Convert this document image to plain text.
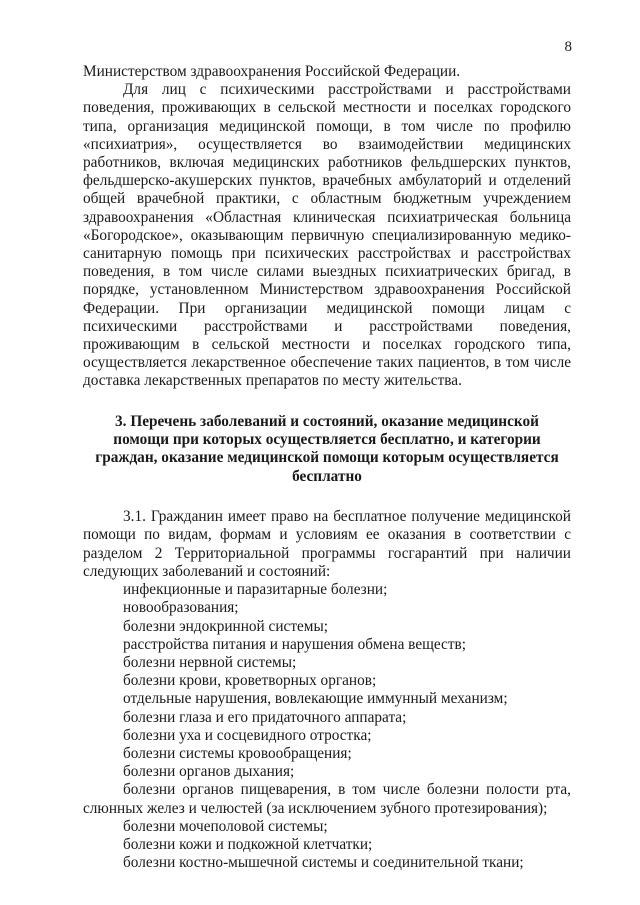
8

Министерством здравоохранения Российской Федерации.

Для лиц с психическими расстройствами и расстройствами поведения, проживающих в сельской местности и поселках городского типа, организация медицинской помощи, в том числе по профилю «психиатрия», осуществляется во взаимодействии медицинских работников, включая медицинских работников фельдшерских пунктов, фельдшерско-акушерских пунктов, врачебных амбулаторий и отделений общей врачебной практики, с областным бюджетным учреждением здравоохранения «Областная клиническая психиатрическая больница «Богородское», оказывающим первичную специализированную медико-санитарную помощь при психических расстройствах и расстройствах поведения, в том числе силами выездных психиатрических бригад, в порядке, установленном Министерством здравоохранения Российской Федерации. При организации медицинской помощи лицам с психическими расстройствами и расстройствами поведения, проживающим в сельской местности и поселках городского типа, осуществляется лекарственное обеспечение таких пациентов, в том числе доставка лекарственных препаратов по месту жительства.

3. Перечень заболеваний и состояний, оказание медицинской помощи при которых осуществляется бесплатно, и категории граждан, оказание медицинской помощи которым осуществляется бесплатно

3.1. Гражданин имеет право на бесплатное получение медицинской помощи по видам, формам и условиям ее оказания в соответствии с разделом 2 Территориальной программы госгарантий при наличии следующих заболеваний и состояний:

инфекционные и паразитарные болезни;

новообразования;

болезни эндокринной системы;

расстройства питания и нарушения обмена веществ;

болезни нервной системы;

болезни крови, кроветворных органов;

отдельные нарушения, вовлекающие иммунный механизм;

болезни глаза и его придаточного аппарата;

болезни уха и сосцевидного отростка;

болезни системы кровообращения;

болезни органов дыхания;

болезни органов пищеварения, в том числе болезни полости рта, слюнных желез и челюстей (за исключением зубного протезирования);

болезни мочеполовой системы;

болезни кожи и подкожной клетчатки;

болезни костно-мышечной системы и соединительной ткани;
